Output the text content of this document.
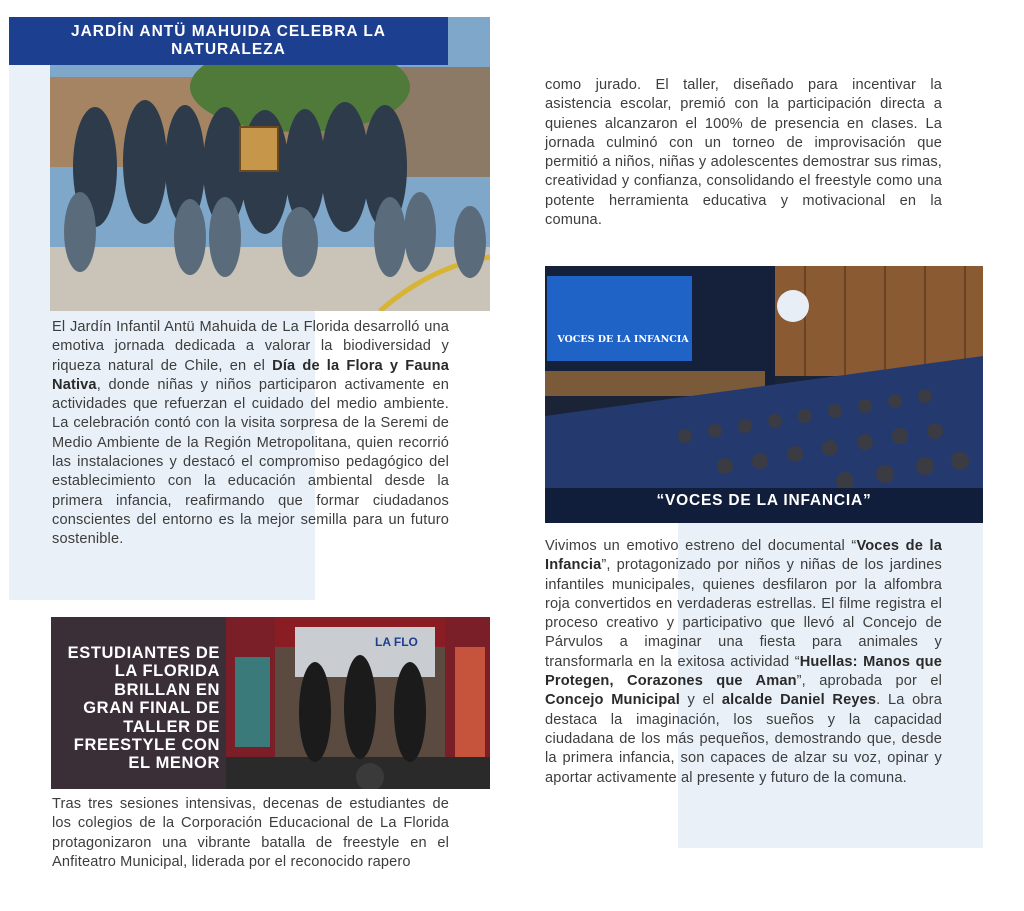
JARDÍN ANTÜ MAHUIDA CELEBRA LA NATURALEZA
El Jardín Infantil Antü Mahuida de La Florida desarrolló una emotiva jornada dedicada a valorar la biodiversidad y riqueza natural de Chile, en el Día de la Flora y Fauna Nativa, donde niñas y niños participaron activamente en actividades que refuerzan el cuidado del medio ambiente. La celebración contó con la visita sorpresa de la Seremi de Medio Ambiente de la Región Metropolitana, quien recorrió las instalaciones y destacó el compromiso pedagógico del establecimiento con la educación ambiental desde la primera infancia, reafirmando que formar ciudadanos conscientes del entorno es la mejor semilla para un futuro sostenible.
LA FLO
ESTUDIANTES DE LA FLORIDA BRILLAN EN GRAN FINAL DE TALLER DE FREESTYLE CON EL MENOR
Tras tres sesiones intensivas, decenas de estudiantes de los colegios de la Corporación Educacional de La Florida protagonizaron una vibrante batalla de freestyle en el Anfiteatro Municipal, liderada por el reconocido rapero
como jurado. El taller, diseñado para incentivar la asistencia escolar, premió con la participación directa a quienes alcanzaron el 100% de presencia en clases. La jornada culminó con un torneo de improvisación que permitió a niños, niñas y adolescentes demostrar sus rimas, creatividad y confianza, consolidando el freestyle como una potente herramienta educativa y motivacional en la comuna.
VOCES DE LA INFANCIA
“VOCES DE LA INFANCIA”
Vivimos un emotivo estreno del documental “Voces de la Infancia”, protagonizado por niños y niñas de los jardines infantiles municipales, quienes desfilaron por la alfombra roja convertidos en verdaderas estrellas. El filme registra el proceso creativo y participativo que llevó al Concejo de Párvulos a imaginar una fiesta para animales y transformarla en la exitosa actividad “Huellas: Manos que Protegen, Corazones que Aman”, aprobada por el Concejo Municipal y el alcalde Daniel Reyes. La obra destaca la imaginación, los sueños y la capacidad ciudadana de los más pequeños, demostrando que, desde la primera infancia, son capaces de alzar su voz, opinar y aportar activamente al presente y futuro de la comuna.
